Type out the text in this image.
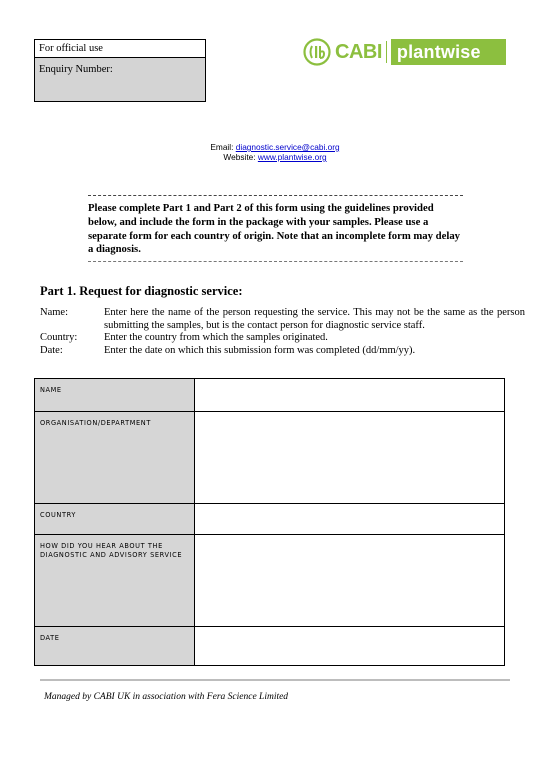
For official use
Enquiry Number:
CABI plantwise
Email: diagnostic.service@cabi.org
Website: www.plantwise.org
Please complete Part 1 and Part 2 of this form using the guidelines provided below, and include the form in the package with your samples. Please use a separate form for each country of origin. Note that an incomplete form may delay a diagnosis.
Part 1. Request for diagnostic service:
Name:	Enter here the name of the person requesting the service. This may not be the same as the person submitting the samples, but is the contact person for diagnostic service staff.
Country:	Enter the country from which the samples originated.
Date:	Enter the date on which this submission form was completed (dd/mm/yy).
NAME	
ORGANISATION/DEPARTMENT	
COUNTRY	
HOW DID YOU HEAR ABOUT THE DIAGNOSTIC AND ADVISORY SERVICE	
DATE	
Managed by CABI UK in association with Fera Science Limited
